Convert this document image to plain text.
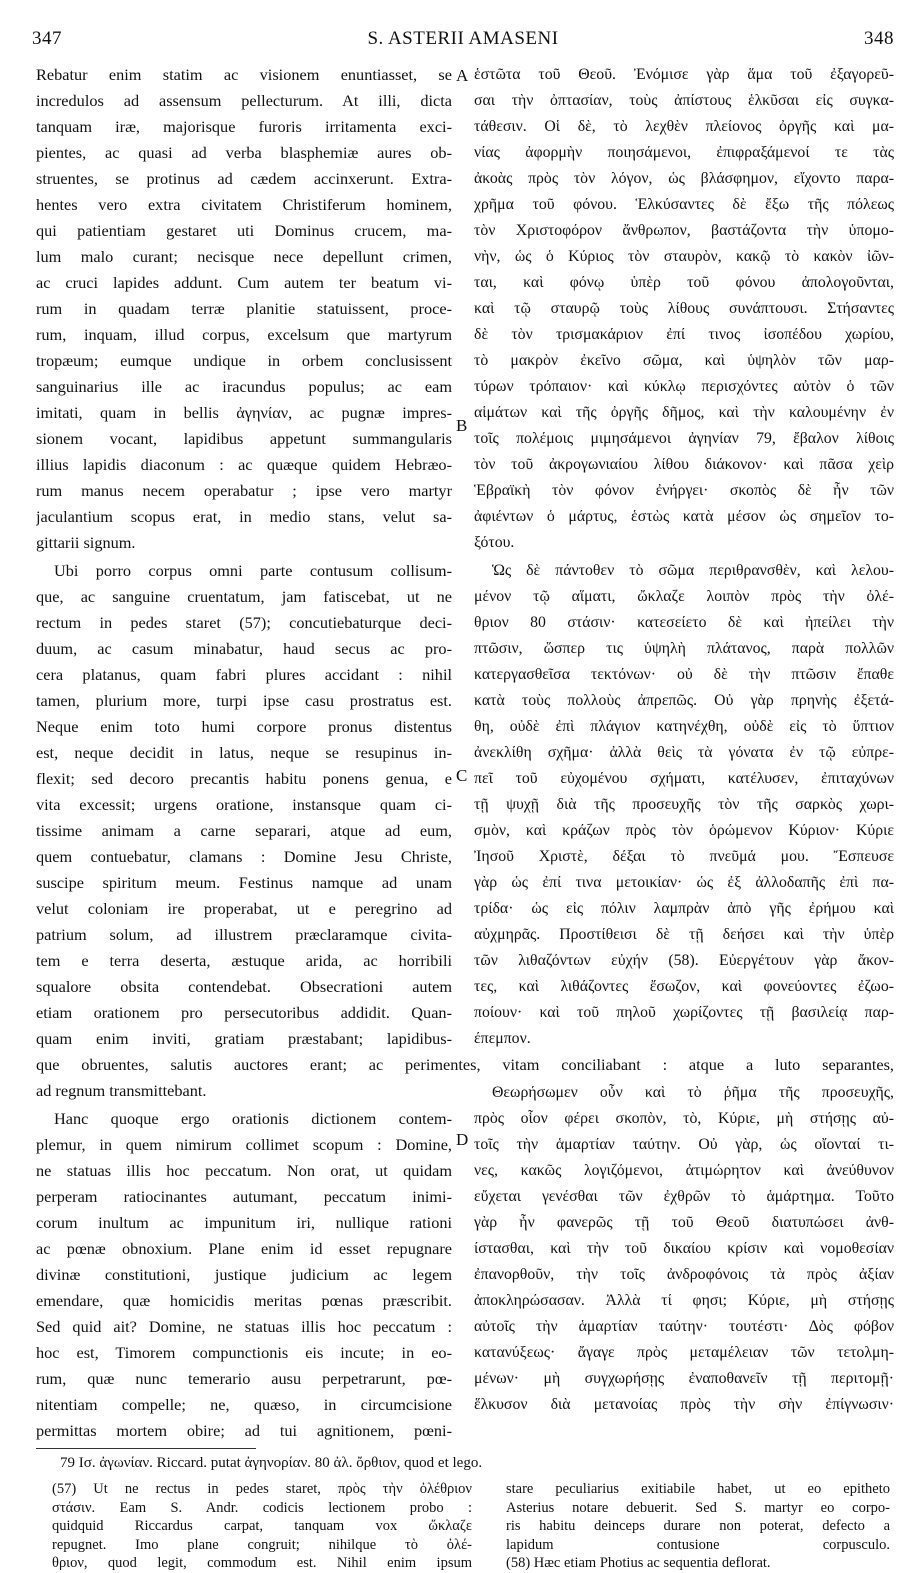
347	S. ASTERII AMASENI	348
A
B
C
D
Rebatur enim statim ac visionem enuntiasset, se
incredulos ad assensum pellecturum. At illi, dicta
tanquam iræ, majorisque furoris irritamenta exci-
pientes, ac quasi ad verba blasphemiæ aures ob-
struentes, se protinus ad cædem accinxerunt. Extra-
hentes vero extra civitatem Christiferum hominem,
qui patientiam gestaret uti Dominus crucem, ma-
lum malo curant; necisque nece depellunt crimen,
ac cruci lapides addunt. Cum autem ter beatum vi-
rum in quadam terræ planitie statuissent, proce-
rum, inquam, illud corpus, excelsum que martyrum
tropæum; eumque undique in orbem conclusissent
sanguinarius ille ac iracundus populus; ac eam
imitati, quam in bellis ἀγηνίαν, ac pugnæ impres-
sionem vocant, lapidibus appetunt summangularis
illius lapidis diaconum : ac quæque quidem Hebræo-
rum manus necem operabatur ; ipse vero martyr
jaculantium scopus erat, in medio stans, velut sa-
gittarii signum.
Ubi porro corpus omni parte contusum collisum-
que, ac sanguine cruentatum, jam fatiscebat, ut ne
rectum in pedes staret (57); concutiebaturque deci-
duum, ac casum minabatur, haud secus ac pro-
cera platanus, quam fabri plures accidant : nihil
tamen, plurium more, turpi ipse casu prostratus est.
Neque enim toto humi corpore pronus distentus
est, neque decidit in latus, neque se resupinus in-
flexit; sed decoro precantis habitu ponens genua, e
vita excessit; urgens oratione, instansque quam ci-
tissime animam a carne separari, atque ad eum,
quem contuebatur, clamans : Domine Jesu Christe,
suscipe spiritum meum. Festinus namque ad unam
velut coloniam ire properabat, ut e peregrino ad
patrium solum, ad illustrem præclaramque civita-
tem e terra deserta, æstuque arida, ac horribili
squalore obsita contendebat. Obsecrationi autem
etiam orationem pro persecutoribus addidit. Quan-
quam enim inviti, gratiam præstabant; lapidibus-
Hanc quoque ergo orationis dictionem contem-
plemur, in quem nimirum collimet scopum : Domine,
ne statuas illis hoc peccatum. Non orat, ut quidam
perperam ratiocinantes autumant, peccatum inimi-
corum inultum ac impunitum iri, nullique rationi
ac pœnæ obnoxium. Plane enim id esset repugnare
divinæ constitutioni, justique judicium ac legem
emendare, quæ homicidis meritas pœnas præscribit.
Sed quid ait? Domine, ne statuas illis hoc peccatum :
hoc est, Timorem compunctionis eis incute; in eo-
rum, quæ nunc temerario ausu perpetrarunt, pœ-
nitentiam compelle; ne, quæso, in circumcisione
permittas mortem obire; ad tui agnitionem, pœni-
ἑστῶτα τοῦ Θεοῦ. Ἐνόμισε γὰρ ἅμα τοῦ ἐξαγορεῦ-
σαι τὴν ὀπτασίαν, τοὺς ἀπίστους ἑλκῦσαι εἰς συγκα-
τάθεσιν. Οἱ δὲ, τὸ λεχθὲν πλείονος ὀργῆς καὶ μα-
νίας ἀφορμὴν ποιησάμενοι, ἐπιφραξάμενοί τε τὰς
ἀκοὰς πρὸς τὸν λόγον, ὡς βλάσφημον, εἴχοντο παρα-
χρῆμα τοῦ φόνου. Ἑλκύσαντες δὲ ἔξω τῆς πόλεως
τὸν Χριστοφόρον ἄνθρωπον, βαστάζοντα τὴν ὑπομο-
νὴν, ὡς ὁ Κύριος τὸν σταυρὸν, κακῷ τὸ κακὸν ἰῶν-
ται, καὶ φόνῳ ὑπὲρ τοῦ φόνου ἀπολογοῦνται,
καὶ τῷ σταυρῷ τοὺς λίθους συνάπτουσι. Στήσαντες
δὲ τὸν τρισμακάριον ἐπί τινος ἰσοπέδου χωρίου,
τὸ μακρὸν ἐκεῖνο σῶμα, καὶ ὑψηλὸν τῶν μαρ-
τύρων τρόπαιον· καὶ κύκλῳ περισχόντες αὐτὸν ὁ τῶν
αἱμάτων καὶ τῆς ὀργῆς δῆμος, καὶ τὴν καλουμένην ἐν
τοῖς πολέμοις μιμησάμενοι ἀγηνίαν 79, ἔβαλον λίθοις
τὸν τοῦ ἀκρογωνιαίου λίθου διάκονον· καὶ πᾶσα χεὶρ
Ἑβραϊκὴ τὸν φόνον ἐνήργει· σκοπὸς δὲ ἦν τῶν
ἀφιέντων ὁ μάρτυς, ἑστὼς κατὰ μέσον ὡς σημεῖον το-
ξότου.
Ὡς δὲ πάντοθεν τὸ σῶμα περιθρανσθὲν, καὶ λελου-
μένον τῷ αἵματι, ὤκλαζε λοιπὸν πρὸς τὴν ὀλέ-
θριον 80 στάσιν· κατεσείετο δὲ καὶ ἠπείλει τὴν
πτῶσιν, ὥσπερ τις ὑψηλὴ πλάτανος, παρὰ πολλῶν
κατεργασθεῖσα τεκτόνων· οὐ δὲ τὴν πτῶσιν ἔπαθε
κατὰ τοὺς πολλοὺς ἀπρεπῶς. Οὐ γὰρ πρηνὴς ἐξετά-
θη, οὐδὲ ἐπὶ πλάγιον κατηνέχθη, οὐδὲ εἰς τὸ ὕπτιον
ἀνεκλίθη σχῆμα· ἀλλὰ θεὶς τὰ γόνατα ἐν τῷ εὐπρε-
πεῖ τοῦ εὐχομένου σχήματι, κατέλυσεν, ἐπιταχύνων
τῇ ψυχῇ διὰ τῆς προσευχῆς τὸν τῆς σαρκὸς χωρι-
σμὸν, καὶ κράζων πρὸς τὸν ὁρώμενον Κύριον· Κύριε
Ἰησοῦ Χριστὲ, δέξαι τὸ πνεῦμά μου. Ἔσπευσε
γὰρ ὡς ἐπί τινα μετοικίαν· ὡς ἐξ ἀλλοδαπῆς ἐπὶ πα-
τρίδα· ὡς εἰς πόλιν λαμπρὰν ἀπὸ γῆς ἐρήμου καὶ
αὐχμηρᾶς. Προστίθεισι δὲ τῇ δεήσει καὶ τὴν ὑπὲρ
τῶν λιθαζόντων εὐχήν (58). Εὐεργέτουν γὰρ ἄκον-
τες, καὶ λιθάζοντες ἔσωζον, καὶ φονεύοντες ἐζωο-
ποίουν· καὶ τοῦ πηλοῦ χωρίζοντες τῇ βασιλείᾳ παρ-
έπεμπον.
Θεωρήσωμεν οὖν καὶ τὸ ῥῆμα τῆς προσευχῆς,
πρὸς οἷον φέρει σκοπὸν, τὸ, Κύριε, μὴ στήσῃς αὐ-
τοῖς τὴν ἁμαρτίαν ταύτην. Οὐ γὰρ, ὡς οἴονταί τι-
νες, κακῶς λογιζόμενοι, ἀτιμώρητον καὶ ἀνεύθυνον
εὔχεται γενέσθαι τῶν ἐχθρῶν τὸ ἁμάρτημα. Τοῦτο
γὰρ ἦν φανερῶς τῇ τοῦ Θεοῦ διατυπώσει ἀνθ-
ίστασθαι, καὶ τὴν τοῦ δικαίου κρίσιν καὶ νομοθεσίαν
ἐπανορθοῦν, τὴν τοῖς ἀνδροφόνοις τὰ πρὸς ἀξίαν
ἀποκληρώσασαν. Ἀλλὰ τί φησι; Κύριε, μὴ στήσῃς
αὐτοῖς τὴν ἁμαρτίαν ταύτην· τουτέστι· Δὸς φόβον
κατανύξεως· ἄγαγε πρὸς μεταμέλειαν τῶν τετολμη-
μένων· μὴ συγχωρήσῃς ἐναποθανεῖν τῇ περιτομῇ·
ἕλκυσον διὰ μετανοίας πρὸς τὴν σὴν ἐπίγνωσιν·
que obruentes, salutis auctores erant; ac perimentes, vitam conciliabant : atque a luto separantes,
ad regnum transmittebant.
79 Ισ. ἀγωνίαν. Riccard. putat ἀγηνορίαν. 80 ἀλ. ὄρθιον, quod et lego.
(57) Ut ne rectus in pedes staret, πρὸς τὴν ὀλέθριον
στάσιν. Eam S. Andr. codicis lectionem probo :
quidquid Riccardus carpat, tanquam vox ὤκλαζε
repugnet. Imo plane congruit; nihilque τὸ ὀλέ-
θριον, quod legit, commodum est. Nihil enim ipsum
stare peculiarius exitiabile habet, ut eo epitheto
Asterius notare debuerit. Sed S. martyr eo corpo-
ris habitu deinceps durare non poterat, defecto a
lapidum contusione corpusculo.
(58) Hæc etiam Photius ac sequentia deflorat.
